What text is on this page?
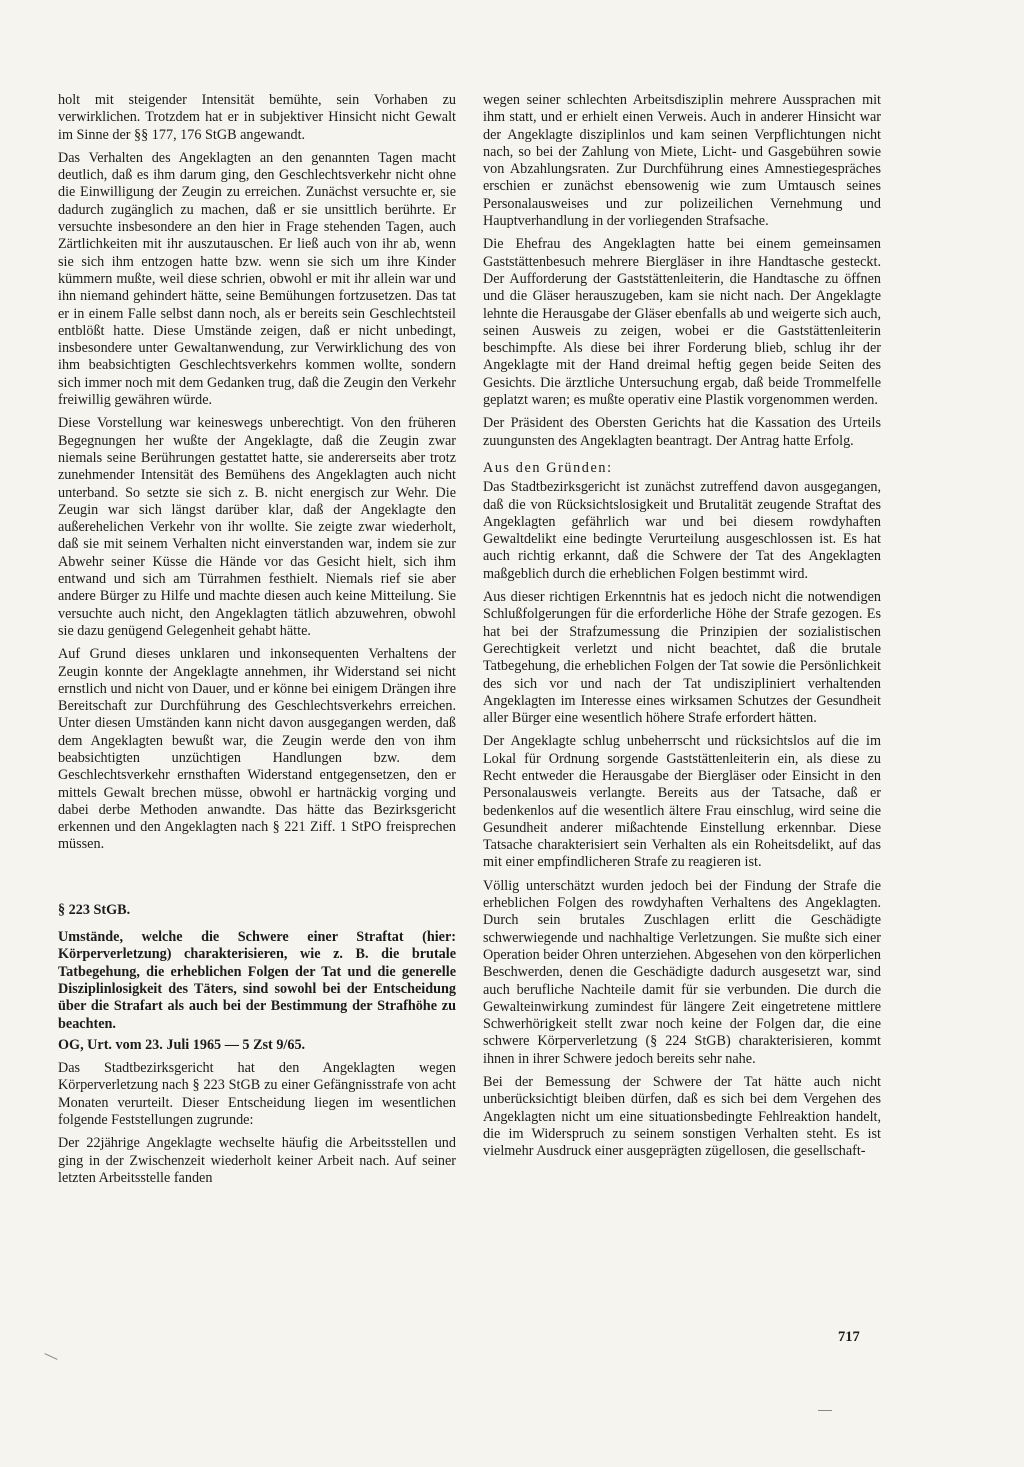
holt mit steigender Intensität bemühte, sein Vorhaben zu verwirklichen. Trotzdem hat er in subjektiver Hinsicht nicht Gewalt im Sinne der §§ 177, 176 StGB angewandt.

Das Verhalten des Angeklagten an den genannten Tagen macht deutlich, daß es ihm darum ging, den Geschlechtsverkehr nicht ohne die Einwilligung der Zeugin zu erreichen. Zunächst versuchte er, sie dadurch zugänglich zu machen, daß er sie unsittlich berührte. Er versuchte insbesondere an den hier in Frage stehenden Tagen, auch Zärtlichkeiten mit ihr auszutauschen. Er ließ auch von ihr ab, wenn sie sich ihm entzogen hatte bzw. wenn sie sich um ihre Kinder kümmern mußte, weil diese schrien, obwohl er mit ihr allein war und ihn niemand gehindert hätte, seine Bemühungen fortzusetzen. Das tat er in einem Falle selbst dann noch, als er bereits sein Geschlechtsteil entblößt hatte. Diese Umstände zeigen, daß er nicht unbedingt, insbesondere unter Gewaltanwendung, zur Verwirklichung des von ihm beabsichtigten Geschlechtsverkehrs kommen wollte, sondern sich immer noch mit dem Gedanken trug, daß die Zeugin den Verkehr freiwillig gewähren würde.

Diese Vorstellung war keineswegs unberechtigt. Von den früheren Begegnungen her wußte der Angeklagte, daß die Zeugin zwar niemals seine Berührungen gestattet hatte, sie andererseits aber trotz zunehmender Intensität des Bemühens des Angeklagten auch nicht unterband. So setzte sie sich z. B. nicht energisch zur Wehr. Die Zeugin war sich längst darüber klar, daß der Angeklagte den außerehelichen Verkehr von ihr wollte. Sie zeigte zwar wiederholt, daß sie mit seinem Verhalten nicht einverstanden war, indem sie zur Abwehr seiner Küsse die Hände vor das Gesicht hielt, sich ihm entwand und sich am Türrahmen festhielt. Niemals rief sie aber andere Bürger zu Hilfe und machte diesen auch keine Mitteilung. Sie versuchte auch nicht, den Angeklagten tätlich abzuwehren, obwohl sie dazu genügend Gelegenheit gehabt hätte.

Auf Grund dieses unklaren und inkonsequenten Verhaltens der Zeugin konnte der Angeklagte annehmen, ihr Widerstand sei nicht ernstlich und nicht von Dauer, und er könne bei einigem Drängen ihre Bereitschaft zur Durchführung des Geschlechtsverkehrs erreichen. Unter diesen Umständen kann nicht davon ausgegangen werden, daß dem Angeklagten bewußt war, die Zeugin werde den von ihm beabsichtigten unzüchtigen Handlungen bzw. dem Geschlechtsverkehr ernsthaften Widerstand entgegensetzen, den er mittels Gewalt brechen müsse, obwohl er hartnäckig vorging und dabei derbe Methoden anwandte. Das hätte das Bezirksgericht erkennen und den Angeklagten nach § 221 Ziff. 1 StPO freisprechen müssen.

§ 223 StGB.

Umstände, welche die Schwere einer Straftat (hier: Körperverletzung) charakterisieren, wie z. B. die brutale Tatbegehung, die erheblichen Folgen der Tat und die generelle Disziplinlosigkeit des Täters, sind sowohl bei der Entscheidung über die Strafart als auch bei der Bestimmung der Strafhöhe zu beachten.

OG, Urt. vom 23. Juli 1965 — 5 Zst 9/65.

Das Stadtbezirksgericht hat den Angeklagten wegen Körperverletzung nach § 223 StGB zu einer Gefängnisstrafe von acht Monaten verurteilt. Dieser Entscheidung liegen im wesentlichen folgende Feststellungen zugrunde:

Der 22jährige Angeklagte wechselte häufig die Arbeitsstellen und ging in der Zwischenzeit wiederholt keiner Arbeit nach. Auf seiner letzten Arbeitsstelle fanden

wegen seiner schlechten Arbeitsdisziplin mehrere Aussprachen mit ihm statt, und er erhielt einen Verweis. Auch in anderer Hinsicht war der Angeklagte disziplinlos und kam seinen Verpflichtungen nicht nach, so bei der Zahlung von Miete, Licht- und Gasgebühren sowie von Abzahlungsraten. Zur Durchführung eines Amnestiegespräches erschien er zunächst ebensowenig wie zum Umtausch seines Personalausweises und zur polizeilichen Vernehmung und Hauptverhandlung in der vorliegenden Strafsache.

Die Ehefrau des Angeklagten hatte bei einem gemeinsamen Gaststättenbesuch mehrere Biergläser in ihre Handtasche gesteckt. Der Aufforderung der Gaststättenleiterin, die Handtasche zu öffnen und die Gläser herauszugeben, kam sie nicht nach. Der Angeklagte lehnte die Herausgabe der Gläser ebenfalls ab und weigerte sich auch, seinen Ausweis zu zeigen, wobei er die Gaststättenleiterin beschimpfte. Als diese bei ihrer Forderung blieb, schlug ihr der Angeklagte mit der Hand dreimal heftig gegen beide Seiten des Gesichts. Die ärztliche Untersuchung ergab, daß beide Trommelfelle geplatzt waren; es mußte operativ eine Plastik vorgenommen werden.

Der Präsident des Obersten Gerichts hat die Kassation des Urteils zuungunsten des Angeklagten beantragt. Der Antrag hatte Erfolg.

Aus den Gründen:

Das Stadtbezirksgericht ist zunächst zutreffend davon ausgegangen, daß die von Rücksichtslosigkeit und Brutalität zeugende Straftat des Angeklagten gefährlich war und bei diesem rowdyhaften Gewaltdelikt eine bedingte Verurteilung ausgeschlossen ist. Es hat auch richtig erkannt, daß die Schwere der Tat des Angeklagten maßgeblich durch die erheblichen Folgen bestimmt wird.

Aus dieser richtigen Erkenntnis hat es jedoch nicht die notwendigen Schlußfolgerungen für die erforderliche Höhe der Strafe gezogen. Es hat bei der Strafzumessung die Prinzipien der sozialistischen Gerechtigkeit verletzt und nicht beachtet, daß die brutale Tatbegehung, die erheblichen Folgen der Tat sowie die Persönlichkeit des sich vor und nach der Tat undiszipliniert verhaltenden Angeklagten im Interesse eines wirksamen Schutzes der Gesundheit aller Bürger eine wesentlich höhere Strafe erfordert hätten.

Der Angeklagte schlug unbeherrscht und rücksichtslos auf die im Lokal für Ordnung sorgende Gaststättenleiterin ein, als diese zu Recht entweder die Herausgabe der Biergläser oder Einsicht in den Personalausweis verlangte. Bereits aus der Tatsache, daß er bedenkenlos auf die wesentlich ältere Frau einschlug, wird seine die Gesundheit anderer mißachtende Einstellung erkennbar. Diese Tatsache charakterisiert sein Verhalten als ein Roheitsdelikt, auf das mit einer empfindlicheren Strafe zu reagieren ist.

Völlig unterschätzt wurden jedoch bei der Findung der Strafe die erheblichen Folgen des rowdyhaften Verhaltens des Angeklagten. Durch sein brutales Zuschlagen erlitt die Geschädigte schwerwiegende und nachhaltige Verletzungen. Sie mußte sich einer Operation beider Ohren unterziehen. Abgesehen von den körperlichen Beschwerden, denen die Geschädigte dadurch ausgesetzt war, sind auch berufliche Nachteile damit für sie verbunden. Die durch die Gewalteinwirkung zumindest für längere Zeit eingetretene mittlere Schwerhörigkeit stellt zwar noch keine der Folgen dar, die eine schwere Körperverletzung (§ 224 StGB) charakterisieren, kommt ihnen in ihrer Schwere jedoch bereits sehr nahe.

Bei der Bemessung der Schwere der Tat hätte auch nicht unberücksichtigt bleiben dürfen, daß es sich bei dem Vergehen des Angeklagten nicht um eine situationsbedingte Fehlreaktion handelt, die im Widerspruch zu seinem sonstigen Verhalten steht. Es ist vielmehr Ausdruck einer ausgeprägten zügellosen, die gesellschaft-

717
